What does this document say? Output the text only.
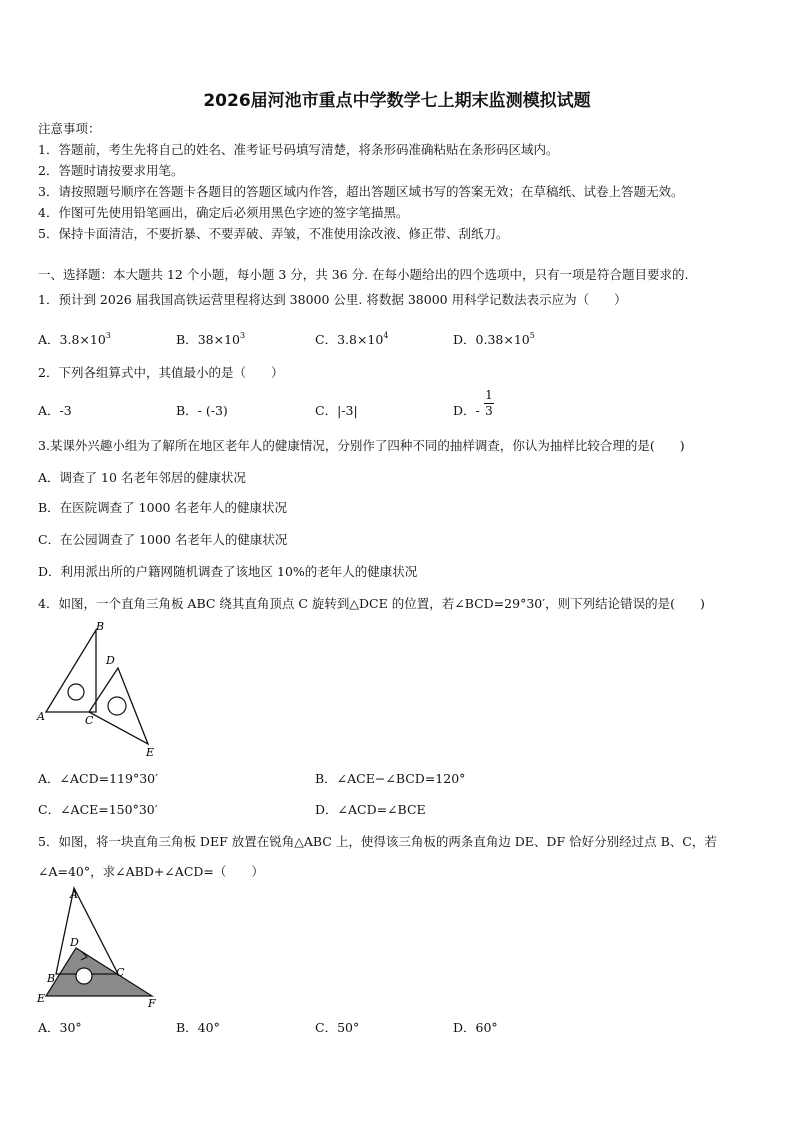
2026届河池市重点中学数学七上期末监测模拟试题
注意事项：
1．答题前，考生先将自己的姓名、准考证号码填写清楚，将条形码准确粘贴在条形码区域内。
2．答题时请按要求用笔。
3．请按照题号顺序在答题卡各题目的答题区域内作答，超出答题区域书写的答案无效；在草稿纸、试卷上答题无效。
4．作图可先使用铅笔画出，确定后必须用黑色字迹的签字笔描黑。
5．保持卡面清洁，不要折暴、不要弄破、弄皱，不准使用涂改液、修正带、刮纸刀。
一、选择题：本大题共 12 个小题，每小题 3 分，共 36 分. 在每小题给出的四个选项中，只有一项是符合题目要求的.
1．预计到 2026 届我国高铁运营里程将达到 38000 公里. 将数据 38000 用科学记数法表示应为（　　）
A．$3.8\times 10^3$	B．$38\times 10^3$	C．$3.8\times 10^4$	D．$0.38\times 10^5$
2．下列各组算式中，其值最小的是（　　）
A．-3	B．- (-3)	C．|-3|	D．-
1
3
3.某课外兴趣小组为了解所在地区老年人的健康情况，分别作了四种不同的抽样调查，你认为抽样比较合理的是(　　)
A．调查了 10 名老年邻居的健康状况
B．在医院调查了 1000 名老年人的健康状况
C．在公园调查了 1000 名老年人的健康状况
D．利用派出所的户籍网随机调查了该地区 10%的老年人的健康状况
4．如图，一个直角三角板 ABC 绕其直角顶点 C 旋转到△DCE 的位置，若∠BCD=29°30′，则下列结论错误的是(　　)
B
D
A	C
E
A．∠ACD=119°30′	B．∠ACE−∠BCD=120°
C．∠ACE=150°30′	D．∠ACD=∠BCE
5．如图，将一块直角三角板 DEF 放置在锐角△ABC 上，使得该三角板的两条直角边 DE、DF 恰好分别经过点 B、C，若
∠A=40°，求∠ABD+∠ACD=（　　）
A
D
B	C
E	F
A．30°	B．40°	C．50°	D．60°
